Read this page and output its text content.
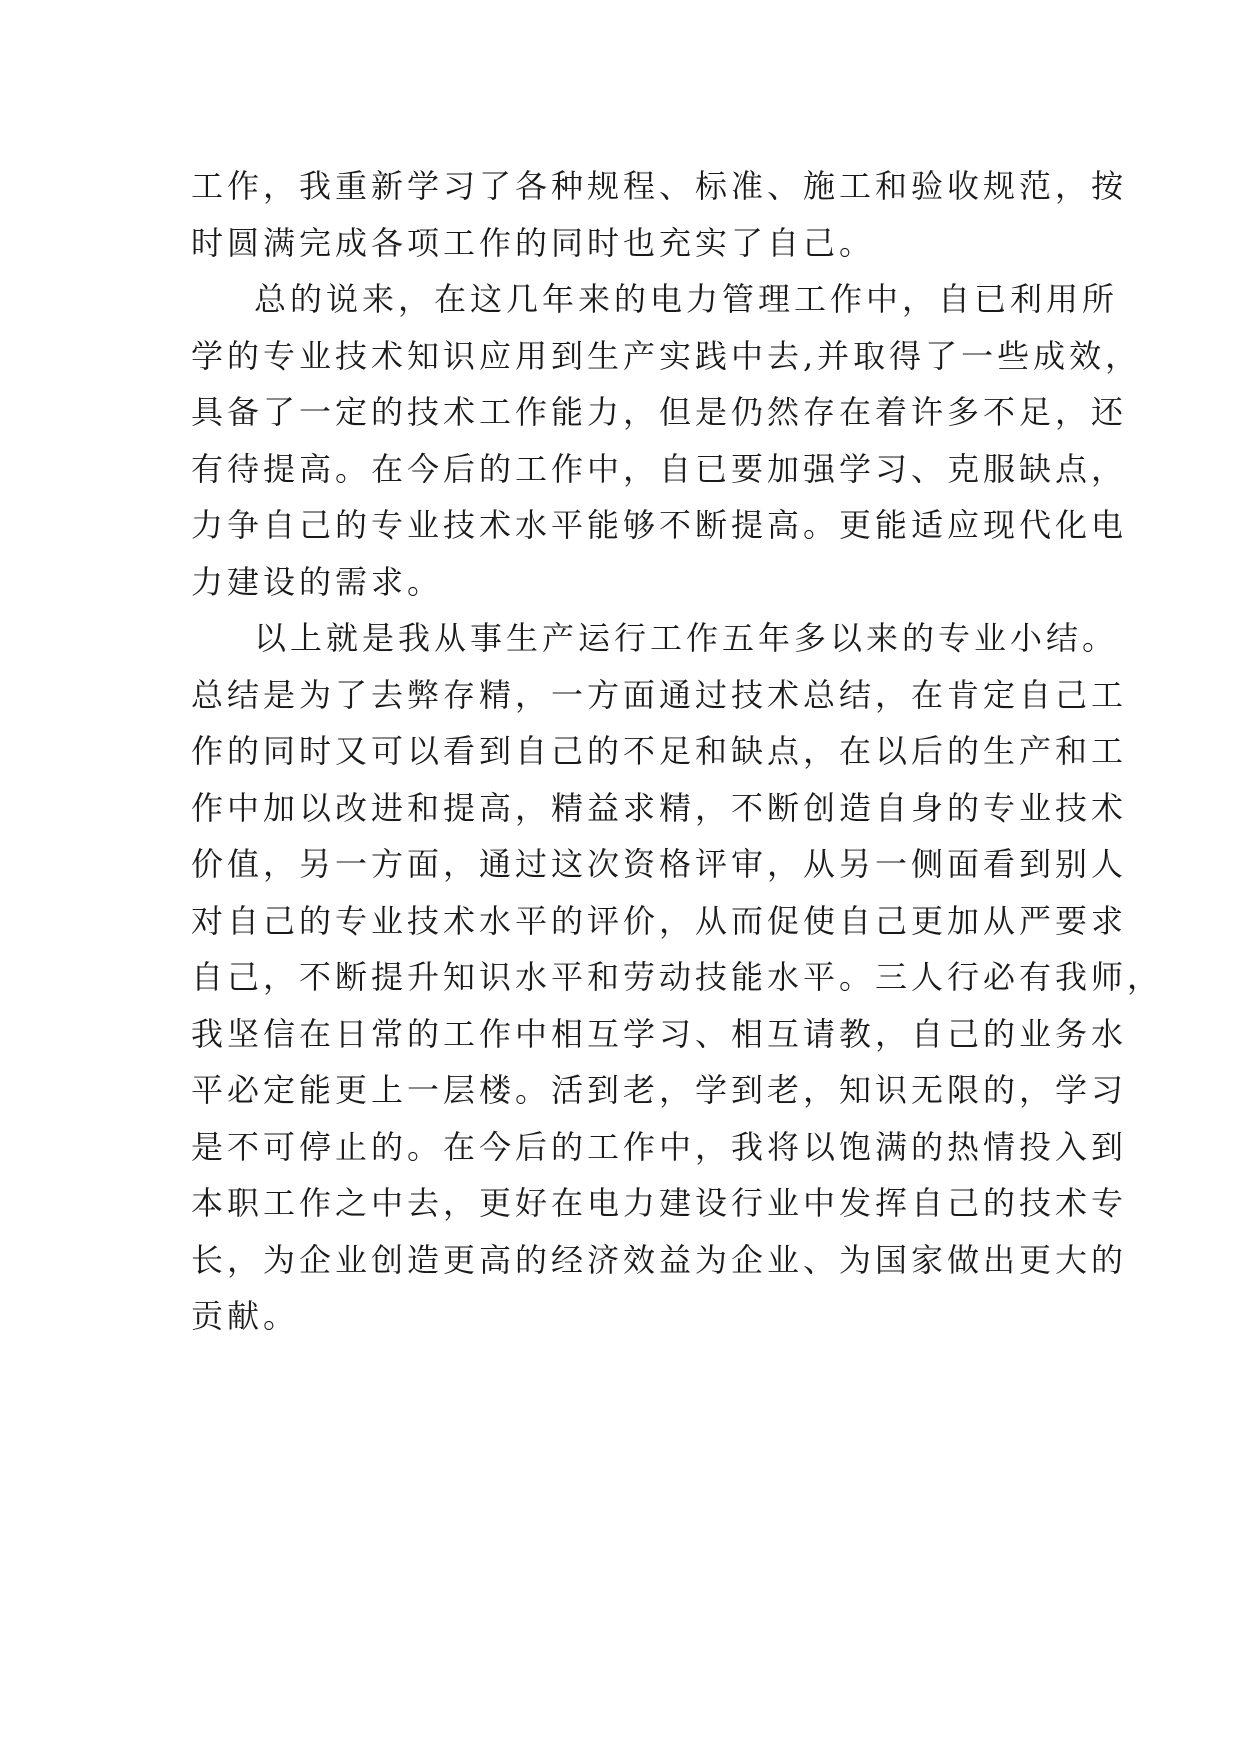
工作，我重新学习了各种规程、标准、施工和验收规范，按
时圆满完成各项工作的同时也充实了自己。
总的说来，在这几年来的电力管理工作中，自已利用所
学的专业技术知识应用到生产实践中去,并取得了一些成效，
具备了一定的技术工作能力，但是仍然存在着许多不足，还
有待提高。在今后的工作中，自已要加强学习、克服缺点，
力争自己的专业技术水平能够不断提高。更能适应现代化电
力建设的需求。
以上就是我从事生产运行工作五年多以来的专业小结。
总结是为了去弊存精，一方面通过技术总结，在肯定自己工
作的同时又可以看到自己的不足和缺点，在以后的生产和工
作中加以改进和提高，精益求精，不断创造自身的专业技术
价值，另一方面，通过这次资格评审，从另一侧面看到别人
对自己的专业技术水平的评价，从而促使自己更加从严要求
自己，不断提升知识水平和劳动技能水平。三人行必有我师，
我坚信在日常的工作中相互学习、相互请教，自己的业务水
平必定能更上一层楼。活到老，学到老，知识无限的，学习
是不可停止的。在今后的工作中，我将以饱满的热情投入到
本职工作之中去，更好在电力建设行业中发挥自己的技术专
长，为企业创造更高的经济效益为企业、为国家做出更大的
贡献。
